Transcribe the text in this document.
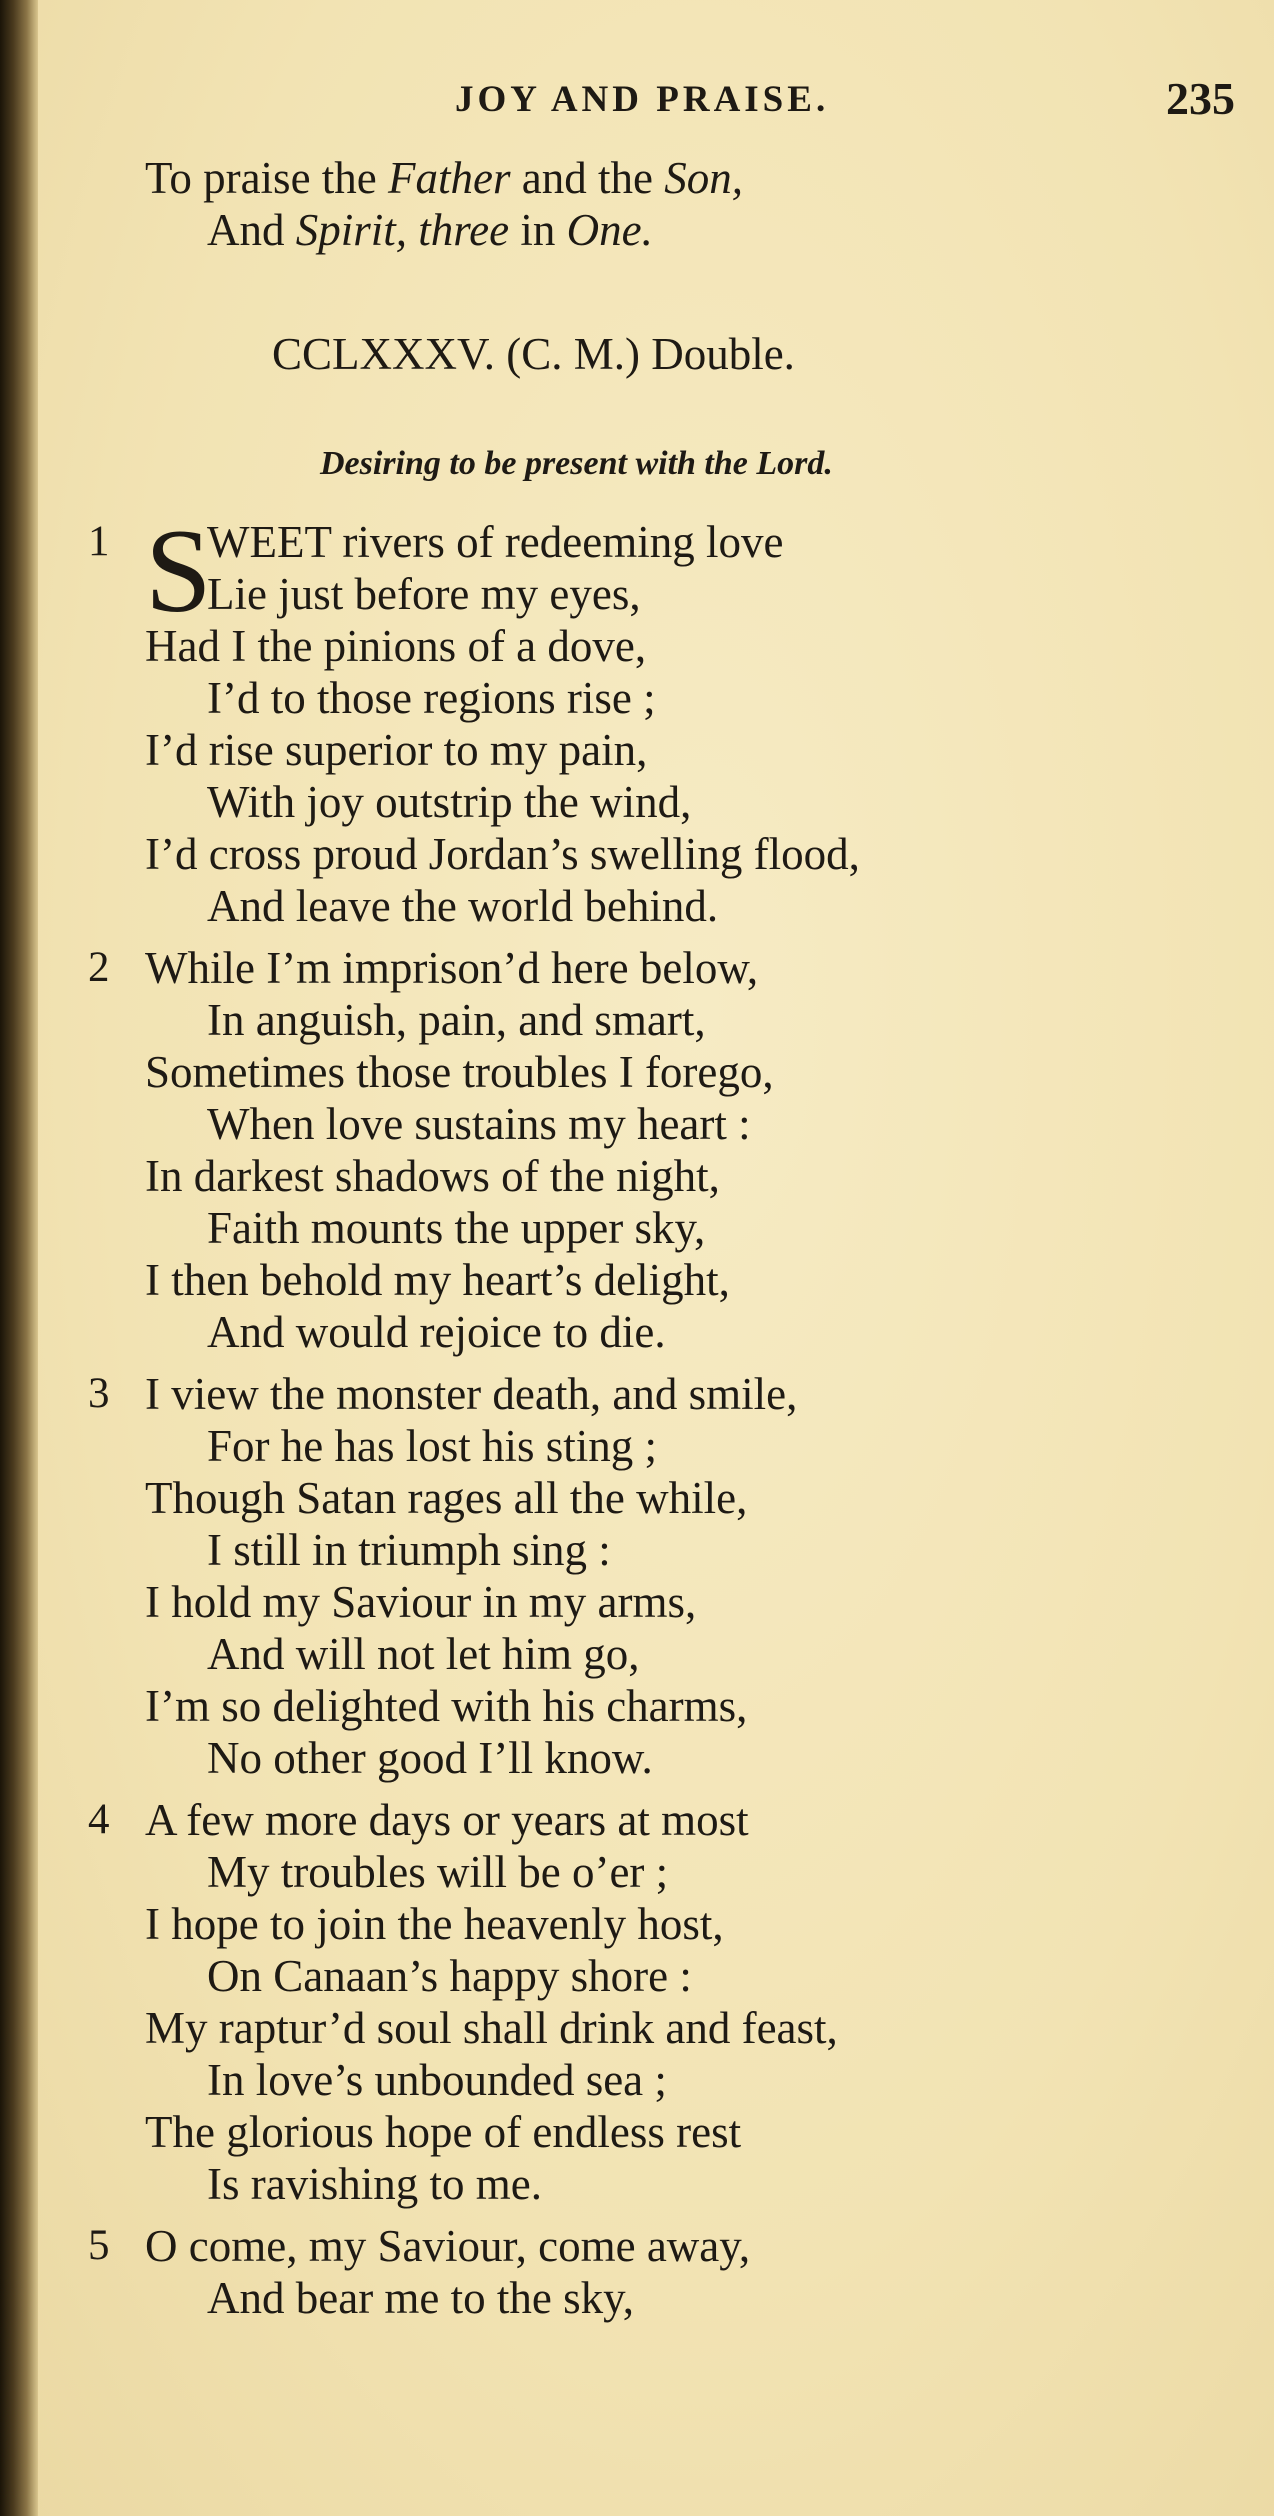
JOY AND PRAISE.	235
To praise the Father and the Son,
And Spirit, three in One.
CCLXXXV. (C. M.) Double.
Desiring to be present with the Lord.
1 WEET rivers of redeeming love
Lie just before my eyes,
Had I the pinions of a dove,
I’d to those regions rise ;
I’d rise superior to my pain,
With joy outstrip the wind,
I’d cross proud Jordan’s swelling flood,
And leave the world behind.
2 While I’m imprison’d here below,
In anguish, pain, and smart,
Sometimes those troubles I forego,
When love sustains my heart :
In darkest shadows of the night,
Faith mounts the upper sky,
I then behold my heart’s delight,
And would rejoice to die.
3 I view the monster death, and smile,
For he has lost his sting ;
Though Satan rages all the while,
I still in triumph sing :
I hold my Saviour in my arms,
And will not let him go,
I’m so delighted with his charms,
No other good I’ll know.
4 A few more days or years at most
My troubles will be o’er ;
I hope to join the heavenly host,
On Canaan’s happy shore :
My raptur’d soul shall drink and feast,
In love’s unbounded sea ;
The glorious hope of endless rest
Is ravishing to me.
5 O come, my Saviour, come away,
And bear me to the sky,
S
